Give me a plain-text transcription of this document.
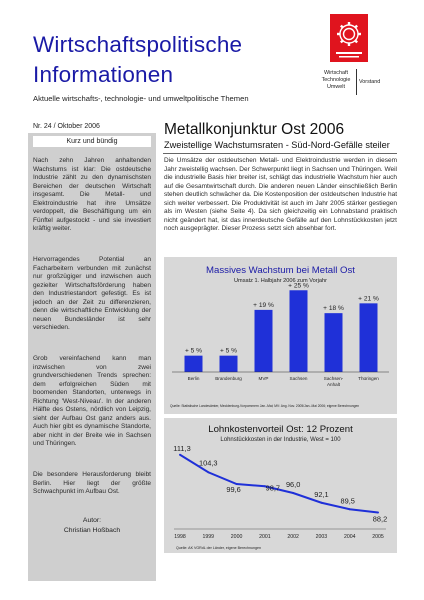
Wirtschaftspolitische
Informationen
Aktuelle wirtschafts-, technologie- und umweltpolitische Themen
Wirtschaft
Technologie
Umwelt
Vorstand
Nr. 24 / Oktober 2006
Kurz und bündig

Nach zehn Jahren anhaltenden Wachstums ist klar: Die ostdeutsche Industrie zählt zu den dynamischsten Bereichen der deutschen Wirtschaft insgesamt. Die Metall- und Elektroindustrie hat ihre Umsätze verdoppelt, die Beschäftigung um ein Fünftel aufgestockt - und sie investiert kräftig weiter.

Hervorragendes Potential an Facharbeitern verbunden mit zunächst nur großzügiger und inzwischen auch gezielter Wirtschaftsförderung haben den Industriestandort gefestigt. Es ist jedoch an der Zeit zu differenzieren, denn die wirtschaftliche Entwicklung der neuen Bundesländer ist sehr verschieden.

Grob vereinfachend kann man inzwischen von zwei grundverschiedenen Trends sprechen: dem erfolgreichen Süden mit boomenden Standorten, unterwegs in Richtung 'West-Niveau'. In der anderen Hälfte des Ostens, nördlich von Leipzig, sieht der Aufbau Ost ganz anders aus. Auch hier gibt es dynamische Standorte, aber nicht in der Breite wie in Sachsen und Thüringen.

Die besondere Herausforderung bleibt Berlin. Hier liegt der größte Schwachpunkt im Aufbau Ost.

Autor:
Christian Hoßbach
Metallkonjunktur Ost 2006
Zweistellige Wachstumsraten - Süd-Nord-Gefälle steiler

Die Umsätze der ostdeutschen Metall- und Elektroindustrie werden in diesem Jahr zweistellig wachsen. Der Schwerpunkt liegt in Sachsen und Thüringen. Weil die industrielle Basis hier breiter ist, schlägt das industrielle Wachstum hier auch auf die Gesamtwirtschaft durch. Die anderen neuen Länder einschließlich Berlin stehen deutlich schwächer da. Die Kostenposition der ostdeutschen Industrie hat sich weiter verbessert. Die Produktivität ist auch im Jahr 2005 stärker gestiegen als im Westen (siehe Seite 4). Da sich gleichzeitig ein Lohnabstand praktisch nicht geändert hat, ist das innerdeutsche Gefälle auf den Lohnstückkosten jetzt noch ausgeprägter. Dieser Prozess setzt sich absehbar fort.

Massives Wachstum bei Metall Ost
Umsatz 1. Halbjahr 2006 zum Vorjahr
+ 5 %
Berlin
+ 5 %
Brandenburg
+ 19 %
MVP
+ 25 %
Sachsen
+ 18 %
Sachsen-
Anhalt
+ 21 %
Thüringen
Quelle: Statistische Landesämter, Mecklenburg-Vorpommern Jan.-Mai; MV: Ang. Nov. 2005/Jan.-Mai 2006; eigene Berechnungen
Lohnkostenvorteil Ost: 12 Prozent
Lohnstückkosten in der Industrie, West = 100
111,3
1998
104,3
1999
99,6
2000
98,7
2001
96,0
2002
92,1
2003
89,5
2004
88,2
2005
Quelle: AK VGRdL der Länder, eigene Berechnungen
